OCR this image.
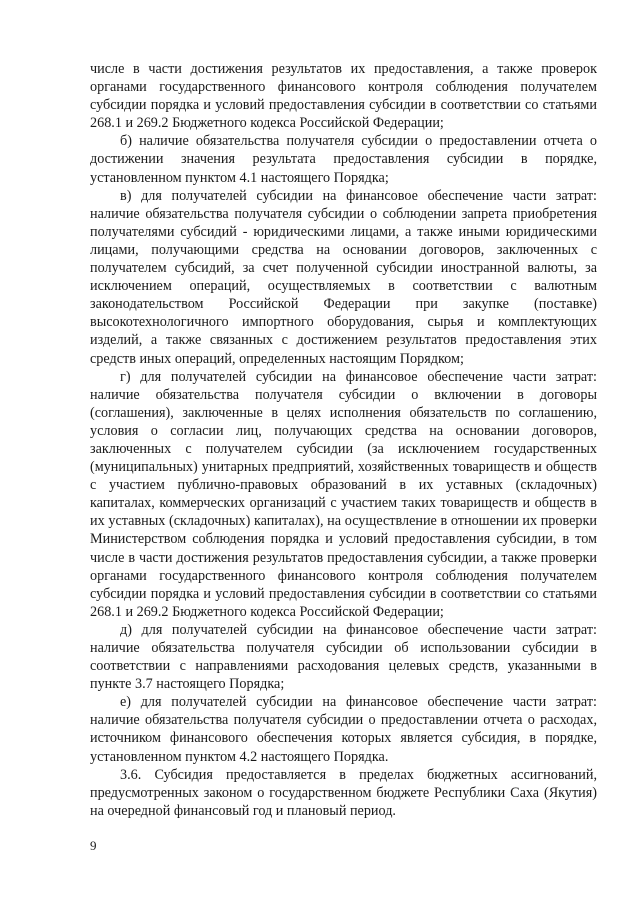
числе в части достижения результатов их предоставления, а также проверок органами государственного финансового контроля соблюдения получателем субсидии порядка и условий предоставления субсидии в соответствии со статьями 268.1 и 269.2 Бюджетного кодекса Российской Федерации;

б) наличие обязательства получателя субсидии о предоставлении отчета о достижении значения результата предоставления субсидии в порядке, установленном пунктом 4.1 настоящего Порядка;

в) для получателей субсидии на финансовое обеспечение части затрат: наличие обязательства получателя субсидии о соблюдении запрета приобретения получателями субсидий - юридическими лицами, а также иными юридическими лицами, получающими средства на основании договоров, заключенных с получателем субсидий, за счет полученной субсидии иностранной валюты, за исключением операций, осуществляемых в соответствии с валютным законодательством Российской Федерации при закупке (поставке) высокотехнологичного импортного оборудования, сырья и комплектующих изделий, а также связанных с достижением результатов предоставления этих средств иных операций, определенных настоящим Порядком;

г) для получателей субсидии на финансовое обеспечение части затрат: наличие обязательства получателя субсидии о включении в договоры (соглашения), заключенные в целях исполнения обязательств по соглашению, условия о согласии лиц, получающих средства на основании договоров, заключенных с получателем субсидии (за исключением государственных (муниципальных) унитарных предприятий, хозяйственных товариществ и обществ с участием публично-правовых образований в их уставных (складочных) капиталах, коммерческих организаций с участием таких товариществ и обществ в их уставных (складочных) капиталах), на осуществление в отношении их проверки Министерством соблюдения порядка и условий предоставления субсидии, в том числе в части достижения результатов предоставления субсидии, а также проверки органами государственного финансового контроля соблюдения получателем субсидии порядка и условий предоставления субсидии в соответствии со статьями 268.1 и 269.2 Бюджетного кодекса Российской Федерации;

д) для получателей субсидии на финансовое обеспечение части затрат: наличие обязательства получателя субсидии об использовании субсидии в соответствии с направлениями расходования целевых средств, указанными в пункте 3.7 настоящего Порядка;

е) для получателей субсидии на финансовое обеспечение части затрат: наличие обязательства получателя субсидии о предоставлении отчета о расходах, источником финансового обеспечения которых является субсидия, в порядке, установленном пунктом 4.2 настоящего Порядка.

3.6. Субсидия предоставляется в пределах бюджетных ассигнований, предусмотренных законом о государственном бюджете Республики Саха (Якутия) на очередной финансовый год и плановый период.

9
